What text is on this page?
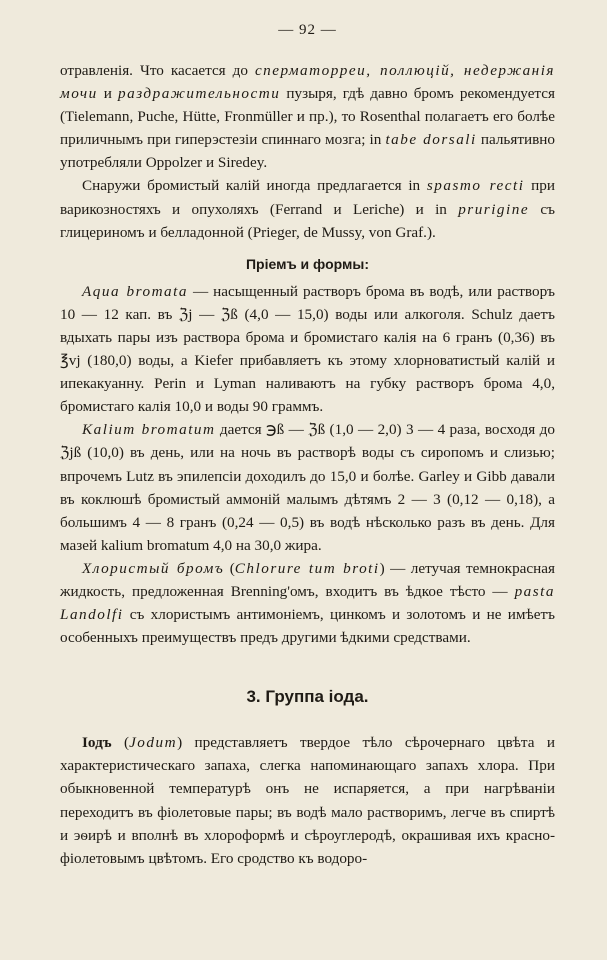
— 92 —

отравленія. Что касается до сперматорреи, поллюцій, недержанія мочи и раздражительности пузыря, гдѣ давно бромъ рекомендуется (Tielemann, Puche, Hütte, Fronmüller и пр.), то Rosenthal полагаетъ его болѣе приличнымъ при гиперэстезіи спиннаго мозга; in tabe dorsali пальятивно употребляли Oppolzer и Siredey.

Снаружи бромистый калій иногда предлагается in spasmo recti при варикозностяхъ и опухоляхъ (Ferrand и Leriche) и in prurigine съ глицериномъ и белладонной (Prieger, de Mussy, von Graf.).

Пріемъ и формы:

Aqua bromata — насыщенный растворъ брома въ водѣ, или растворъ 10 — 12 кап. въ ℨj — ℨß (4,0 — 15,0) воды или алкоголя. Schulz даетъ вдыхать пары изъ раствора брома и бромистаго калія на 6 гранъ (0,36) въ ℥vj (180,0) воды, а Kiefer прибавляетъ къ этому хлорноватистый калій и ипекакуанну. Perin и Lyman наливаютъ на губку растворъ брома 4,0, бромистаго калія 10,0 и воды 90 граммъ.

Kalium bromatum дается ℈ß — ℨß (1,0 — 2,0) 3 — 4 раза, восходя до ℨjß (10,0) въ день, или на ночь въ растворѣ воды съ сиропомъ и слизью; впрочемъ Lutz въ эпилепсіи доходилъ до 15,0 и болѣе. Garley и Gibb давали въ коклюшѣ бромистый аммоній малымъ дѣтямъ 2 — 3 (0,12 — 0,18), а большимъ 4 — 8 гранъ (0,24 — 0,5) въ водѣ нѣсколько разъ въ день. Для мазей kalium bromatum 4,0 на 30,0 жира.

Хлористый бромъ (Chlorure tum broti) — летучая темнокрасная жидкость, предложенная Brenning'омъ, входитъ въ ѣдкое тѣсто — pasta Landolfi съ хлористымъ антимоніемъ, цинкомъ и золотомъ и не имѣетъ особенныхъ преимуществъ предъ другими ѣдкими средствами.

3. Группа іода.

Іодъ (Jodum) представляетъ твердое тѣло сѣрочернаго цвѣта и характеристическаго запаха, слегка напоминающаго запахъ хлора. При обыкновенной температурѣ онъ не испаряется, а при нагрѣваніи переходитъ въ фіолетовые пары; въ водѣ мало растворимъ, легче въ спиртѣ и эѳирѣ и вполнѣ въ хлороформѣ и сѣроуглеродѣ, окрашивая ихъ красно-фіолетовымъ цвѣтомъ. Его сродство къ водоро-
